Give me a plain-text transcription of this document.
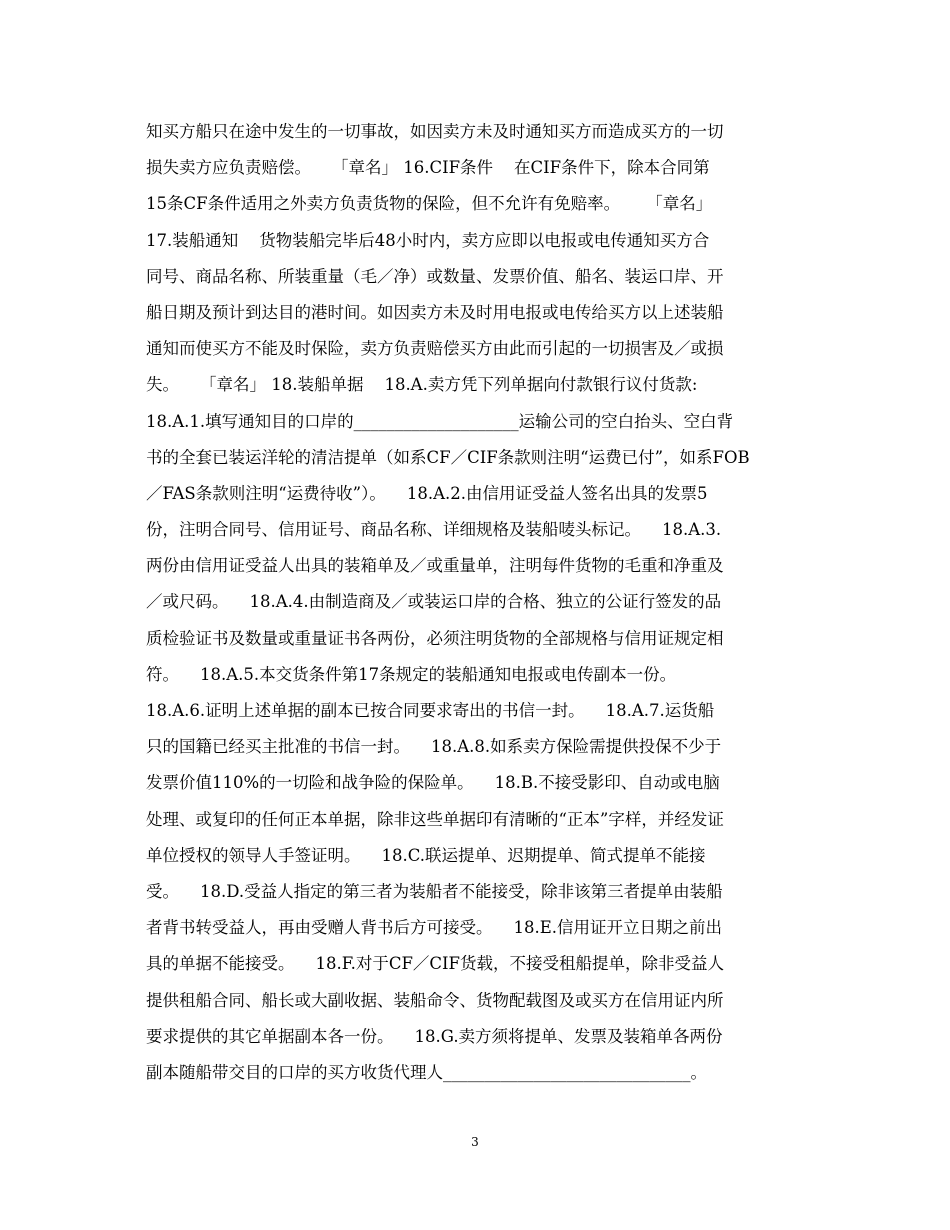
知买方船只在途中发生的一切事故，如因卖方未及时通知买方而造成买方的一切
损失卖方应负责赔偿。    「章名」 16.CIF条件    在CIF条件下，除本合同第
15条CF条件适用之外卖方负责货物的保险，但不允许有免赔率。     「章名」
17.装船通知    货物装船完毕后48小时内，卖方应即以电报或电传通知买方合
同号、商品名称、所装重量（毛／净）或数量、发票价值、船名、装运口岸、开
船日期及预计到达目的港时间。如因卖方未及时用电报或电传给买方以上述装船
通知而使买方不能及时保险，卖方负责赔偿买方由此而引起的一切损害及／或损
失。    「章名」 18.装船单据    18.A.卖方凭下列单据向付款银行议付货款:
18.A.1.填写通知目的口岸的____________________运输公司的空白抬头、空白背
书的全套已装运洋轮的清洁提单（如系CF／CIF条款则注明“运费已付”，如系FOB
／FAS条款则注明“运费待收”）。    18.A.2.由信用证受益人签名出具的发票5
份，注明合同号、信用证号、商品名称、详细规格及装船唛头标记。    18.A.3.
两份由信用证受益人出具的装箱单及／或重量单，注明每件货物的毛重和净重及
／或尺码。    18.A.4.由制造商及／或装运口岸的合格、独立的公证行签发的品
质检验证书及数量或重量证书各两份，必须注明货物的全部规格与信用证规定相
符。    18.A.5.本交货条件第17条规定的装船通知电报或电传副本一份。
18.A.6.证明上述单据的副本已按合同要求寄出的书信一封。    18.A.7.运货船
只的国籍已经买主批准的书信一封。    18.A.8.如系卖方保险需提供投保不少于
发票价值110%的一切险和战争险的保险单。    18.B.不接受影印、自动或电脑
处理、或复印的任何正本单据，除非这些单据印有清晰的“正本”字样，并经发证
单位授权的领导人手签证明。    18.C.联运提单、迟期提单、简式提单不能接
受。    18.D.受益人指定的第三者为装船者不能接受，除非该第三者提单由装船
者背书转受益人，再由受赠人背书后方可接受。    18.E.信用证开立日期之前出
具的单据不能接受。    18.F.对于CF／CIF货载，不接受租船提单，除非受益人
提供租船合同、船长或大副收据、装船命令、货物配载图及或买方在信用证内所
要求提供的其它单据副本各一份。    18.G.卖方须将提单、发票及装箱单各两份
副本随船带交目的口岸的买方收货代理人______________________________。
3
